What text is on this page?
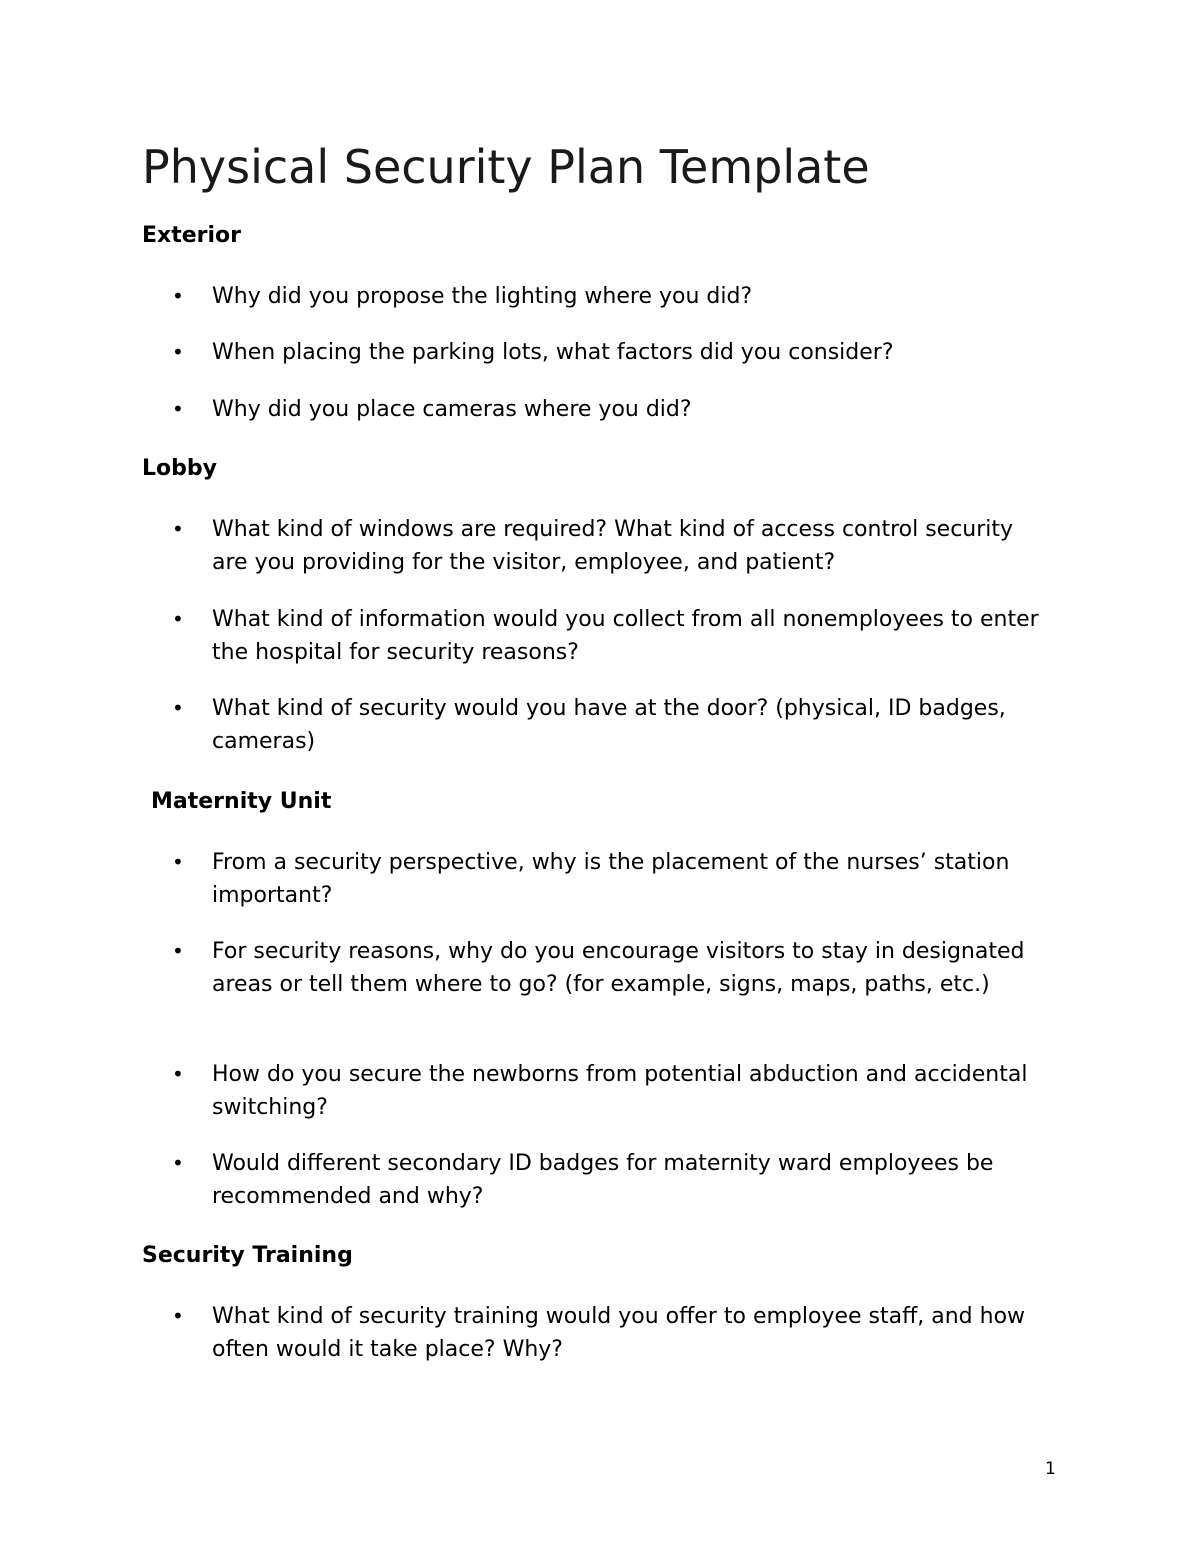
Physical Security Plan Template
Exterior

•	Why did you propose the lighting where you did?

•	When placing the parking lots, what factors did you consider?

•	Why did you place cameras where you did?

Lobby

•	What kind of windows are required? What kind of access control security are you providing for the visitor, employee, and patient?

•	What kind of information would you collect from all nonemployees to enter the hospital for security reasons?

•	What kind of security would you have at the door? (physical, ID badges, cameras)

Maternity Unit

•	From a security perspective, why is the placement of the nurses’ station important?

•	For security reasons, why do you encourage visitors to stay in designated areas or tell them where to go? (for example, signs, maps, paths, etc.)

•	How do you secure the newborns from potential abduction and accidental switching?

•	Would different secondary ID badges for maternity ward employees be recommended and why?

Security Training

•	What kind of security training would you offer to employee staff, and how often would it take place? Why?

1
